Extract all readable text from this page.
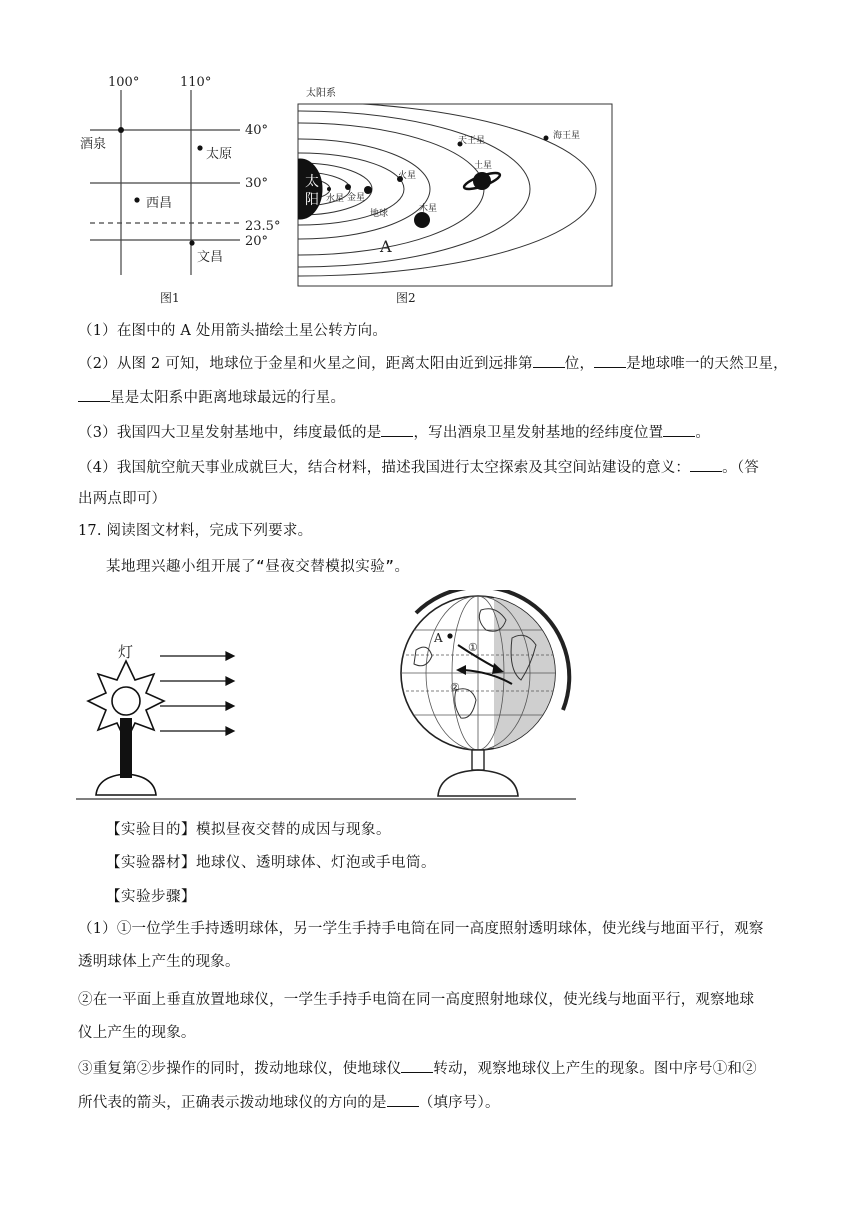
100°	110°
40°
30°
23.5°
20°
酒泉
太原
西昌
文昌
图1
太阳系
太
阳 水星 金星
地球
火星
木星
土星
天王星	海王星
A
图2
（1）在图中的 A 处用箭头描绘土星公转方向。
（2）从图 2 可知，地球位于金星和火星之间，距离太阳由近到远排第 位， 是地球唯一的天然卫星，
星是太阳系中距离地球最远的行星。
（3）我国四大卫星发射基地中，纬度最低的是 ，写出酒泉卫星发射基地的经纬度位置 。
（4）我国航空航天事业成就巨大，结合材料，描述我国进行太空探索及其空间站建设的意义： 。（答
出两点即可）
17. 阅读图文材料，完成下列要求。
某地理兴趣小组开展了“昼夜交替模拟实验”。
灯
A
①
②
【实验目的】模拟昼夜交替的成因与现象。
【实验器材】地球仪、透明球体、灯泡或手电筒。
【实验步骤】
（1）①一位学生手持透明球体，另一学生手持手电筒在同一高度照射透明球体，使光线与地面平行，观察
透明球体上产生的现象。
②在一平面上垂直放置地球仪，一学生手持手电筒在同一高度照射地球仪，使光线与地面平行，观察地球
仪上产生的现象。
③重复第②步操作的同时，拨动地球仪，使地球仪 转动，观察地球仪上产生的现象。图中序号①和②
所代表的箭头，正确表示拨动地球仪的方向的是 （填序号）。
